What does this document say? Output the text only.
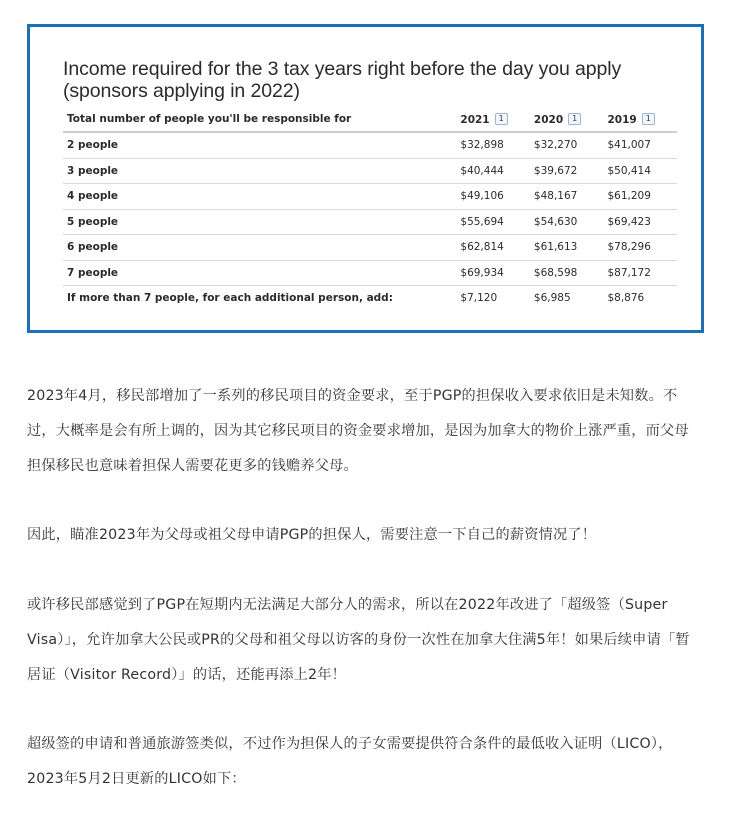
Income required for the 3 tax years right before the day you apply (sponsors applying in 2022)
Total number of people you'll be responsible for	2021 1	2020 1	2019 1
2 people	$32,898	$32,270	$41,007
3 people	$40,444	$39,672	$50,414
4 people	$49,106	$48,167	$61,209
5 people	$55,694	$54,630	$69,423
6 people	$62,814	$61,613	$78,296
7 people	$69,934	$68,598	$87,172
If more than 7 people, for each additional person, add:	$7,120	$6,985	$8,876

2023年4月，移民部增加了一系列的移民项目的资金要求，至于PGP的担保收入要求依旧是未知数。不过，大概率是会有所上调的，因为其它移民项目的资金要求增加，是因为加拿大的物价上涨严重，而父母担保移民也意味着担保人需要花更多的钱赡养父母。

因此，瞄准2023年为父母或祖父母申请PGP的担保人，需要注意一下自己的薪资情况了！

或许移民部感觉到了PGP在短期内无法满足大部分人的需求，所以在2022年改进了「超级签（Super Visa）」，允许加拿大公民或PR的父母和祖父母以访客的身份一次性在加拿大住满5年！如果后续申请「暂居证（Visitor Record）」的话，还能再添上2年！

超级签的申请和普通旅游签类似，不过作为担保人的子女需要提供符合条件的最低收入证明（LICO），2023年5月2日更新的LICO如下：
